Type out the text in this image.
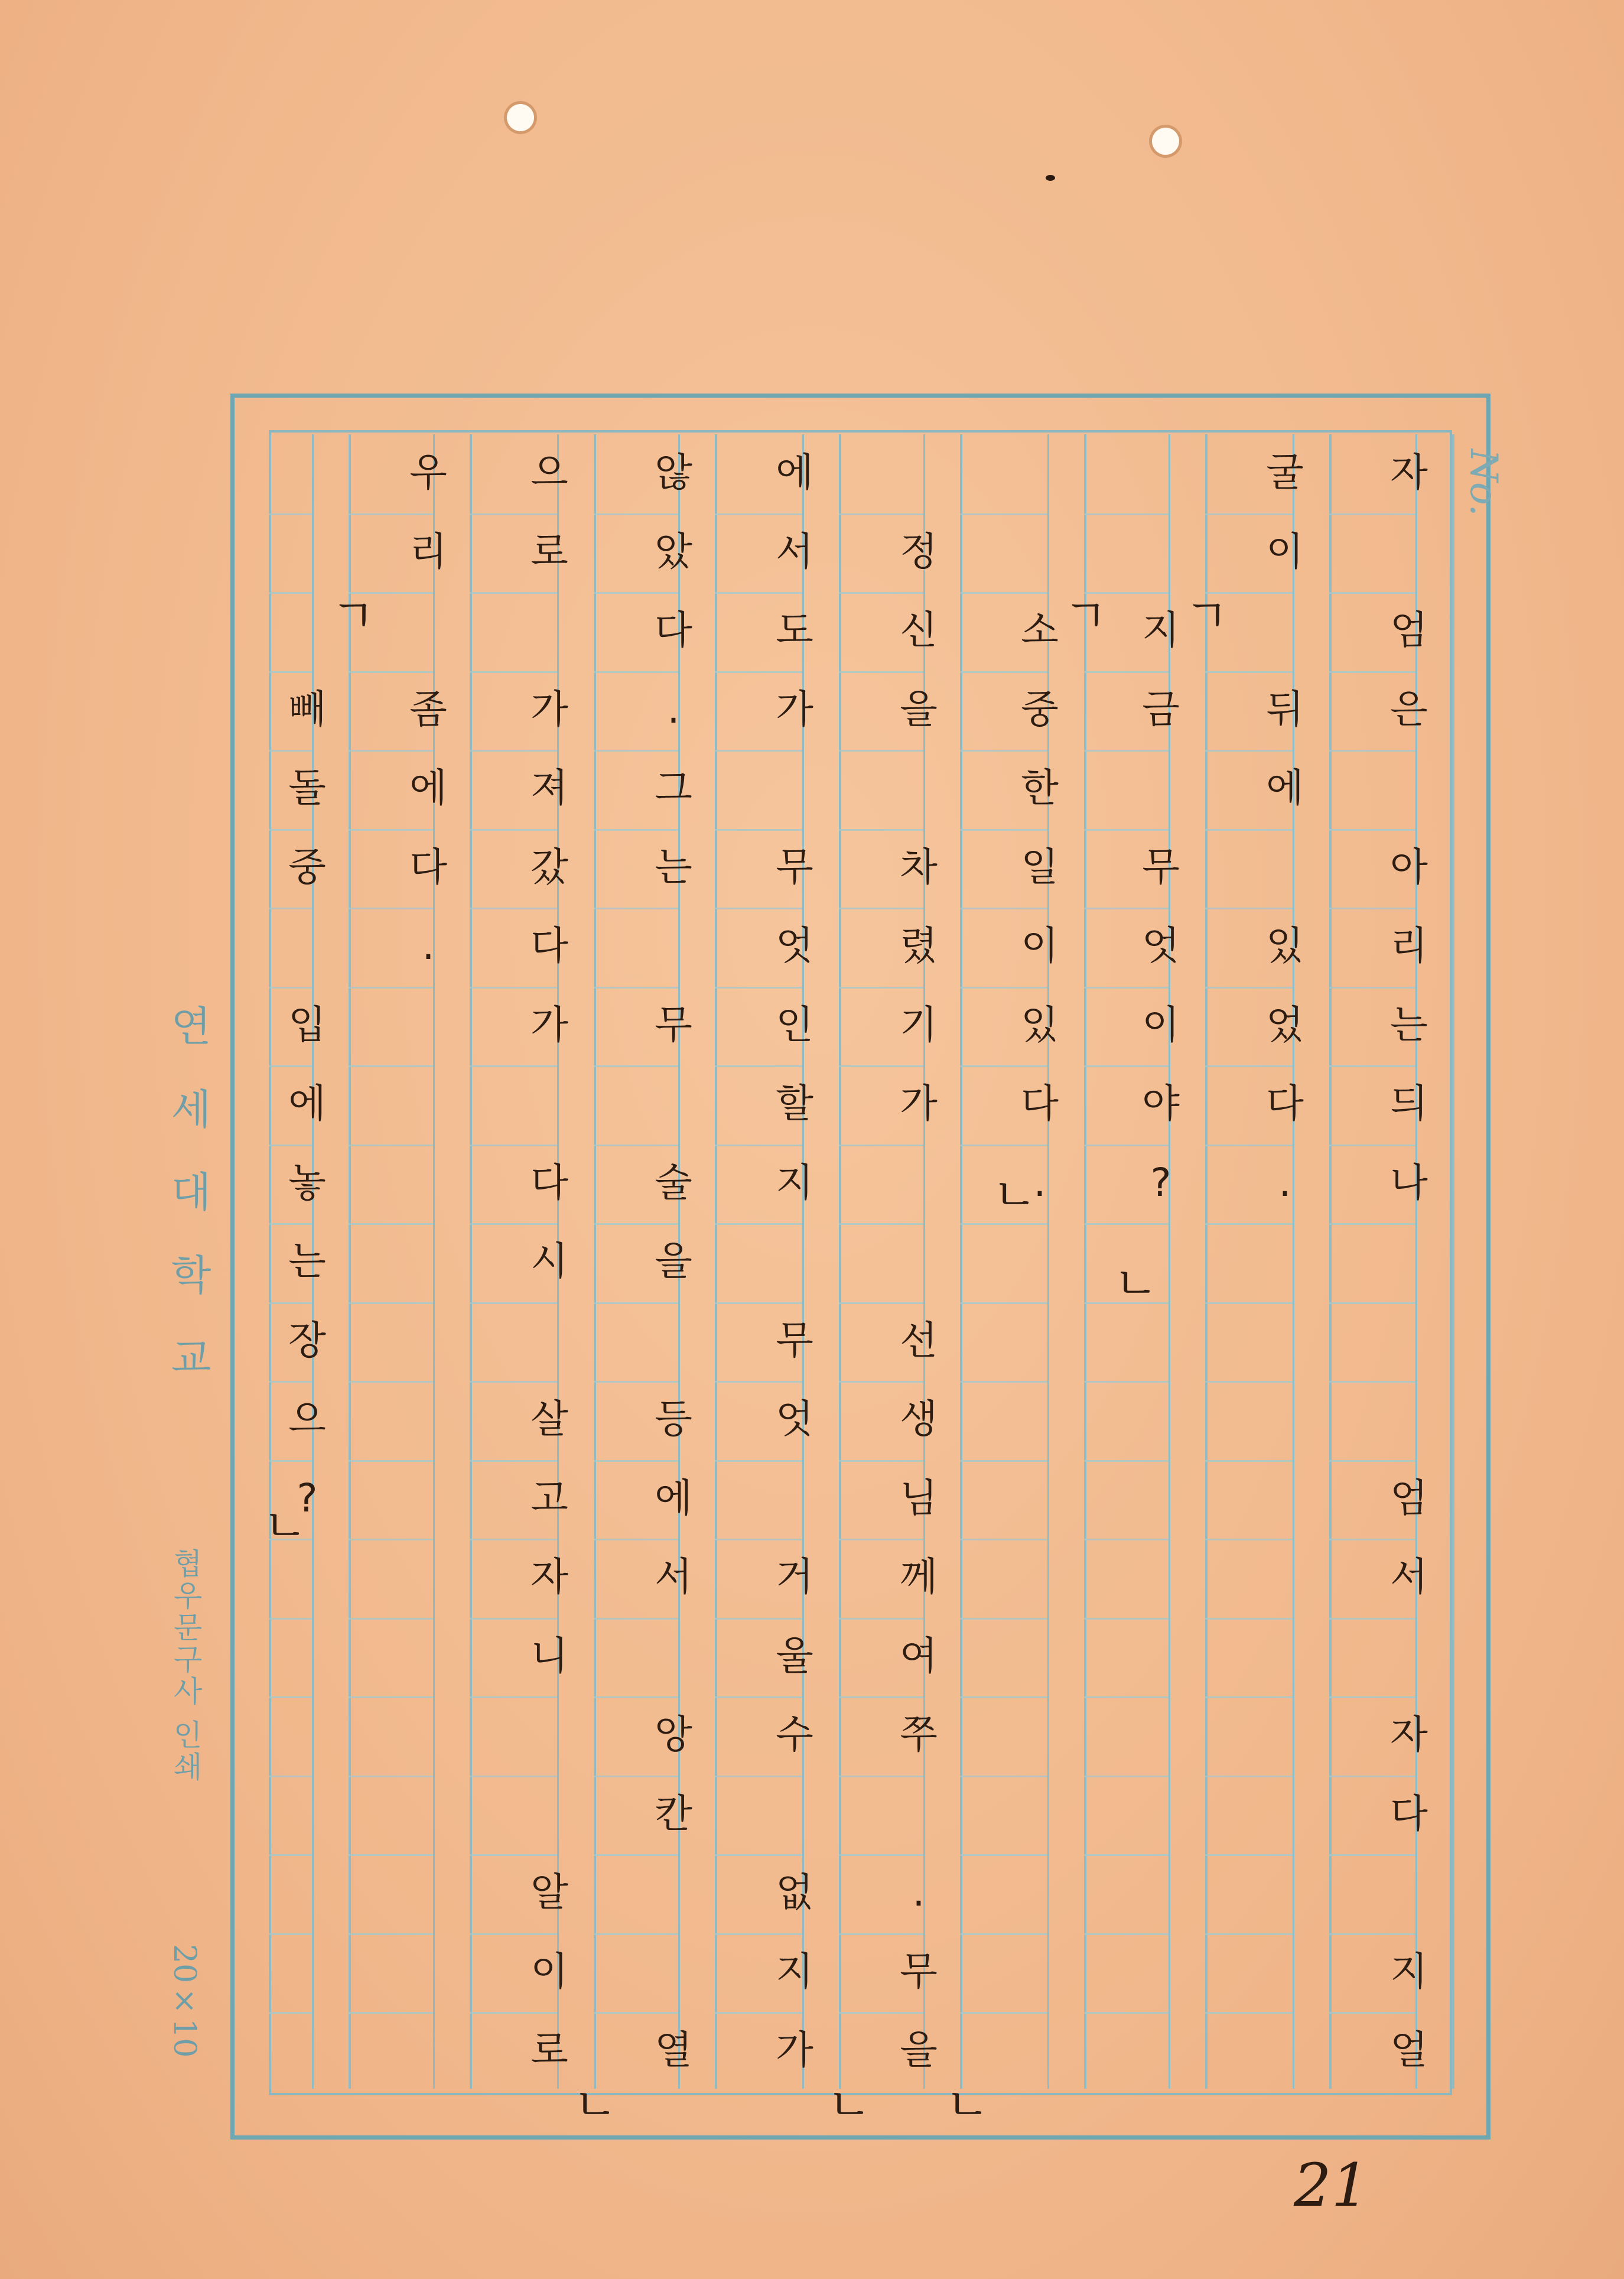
No.
연 세 대 학 교
협우문구사 인쇄
20×10
자
엄
은
아
리
는
듸
나
엄
서
자
다
지
얼
굴
이
뒤
에
있
었
다
.
지
금
무
엇
이
야
?
소
중
한
일
이
있
다
.
정
신
을
차
렸
기
가
선
생
님
께
여
쭈
.
무
을
에
서
도
가
무
엇
인
할
지
무
엇
거
울
수
없
지
가
않
았
다
.
그
는
무
술
을
등
에
서
앙
칸
열
으
로
가
져
갔
다
가
다
시
살
고
자
니
알
이
로
우
리
좀
에
다
.
빼
돌
중
입
에
놓
는
장
으
?
ㄱ ㄱ
ㄱ
ㄴ
ㄴ
ㄴ
ㄴ	ㄴ ㄴ
21
